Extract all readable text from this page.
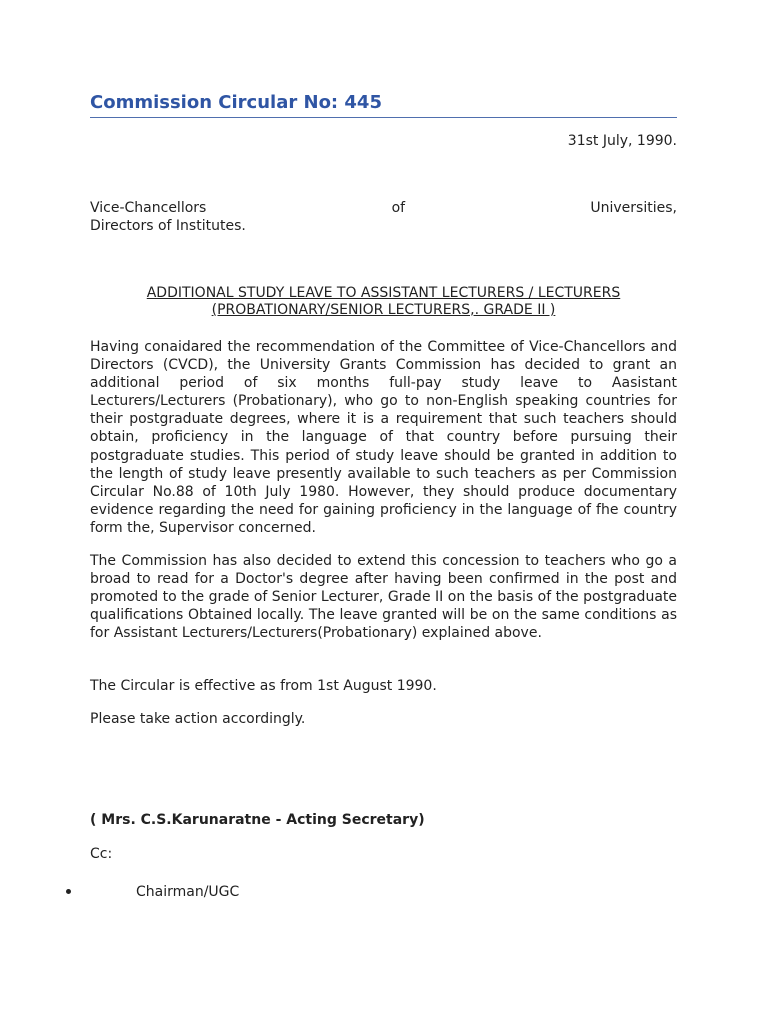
Commission Circular No: 445
31st July, 1990.
Vice-Chancellors	of	Universities,
Directors of Institutes.
ADDITIONAL STUDY LEAVE TO ASSISTANT LECTURERS / LECTURERS
(PROBATIONARY/SENIOR LECTURERS,. GRADE II )

Having conaidared the recommendation of the Committee of Vice-Chancellors and Directors (CVCD), the University Grants Commission has decided to grant an additional period of six months full-pay study leave to Aasistant Lecturers/Lecturers (Probationary), who go to non-English speaking countries for their postgraduate degrees, where it is a requirement that such teachers should obtain, proficiency in the language of that country before pursuing their postgraduate studies. This period of study leave should be granted in addition to the length of study leave presently available to such teachers as per Commission Circular No.88 of 10th July 1980. However, they should produce documentary evidence regarding the need for gaining proficiency in the language of fhe country form the, Supervisor concerned.

The Commission has also decided to extend this concession to teachers who go a broad to read for a Doctor's degree after having been confirmed in the post and promoted to the grade of Senior Lecturer, Grade II on the basis of the postgraduate qualifications Obtained locally. The leave granted will be on the same conditions as for Assistant Lecturers/Lecturers(Probationary) explained above.

The Circular is effective as from 1st August 1990.

Please take action accordingly.

( Mrs. C.S.Karunaratne - Acting Secretary)
Cc:
Chairman/UGC
